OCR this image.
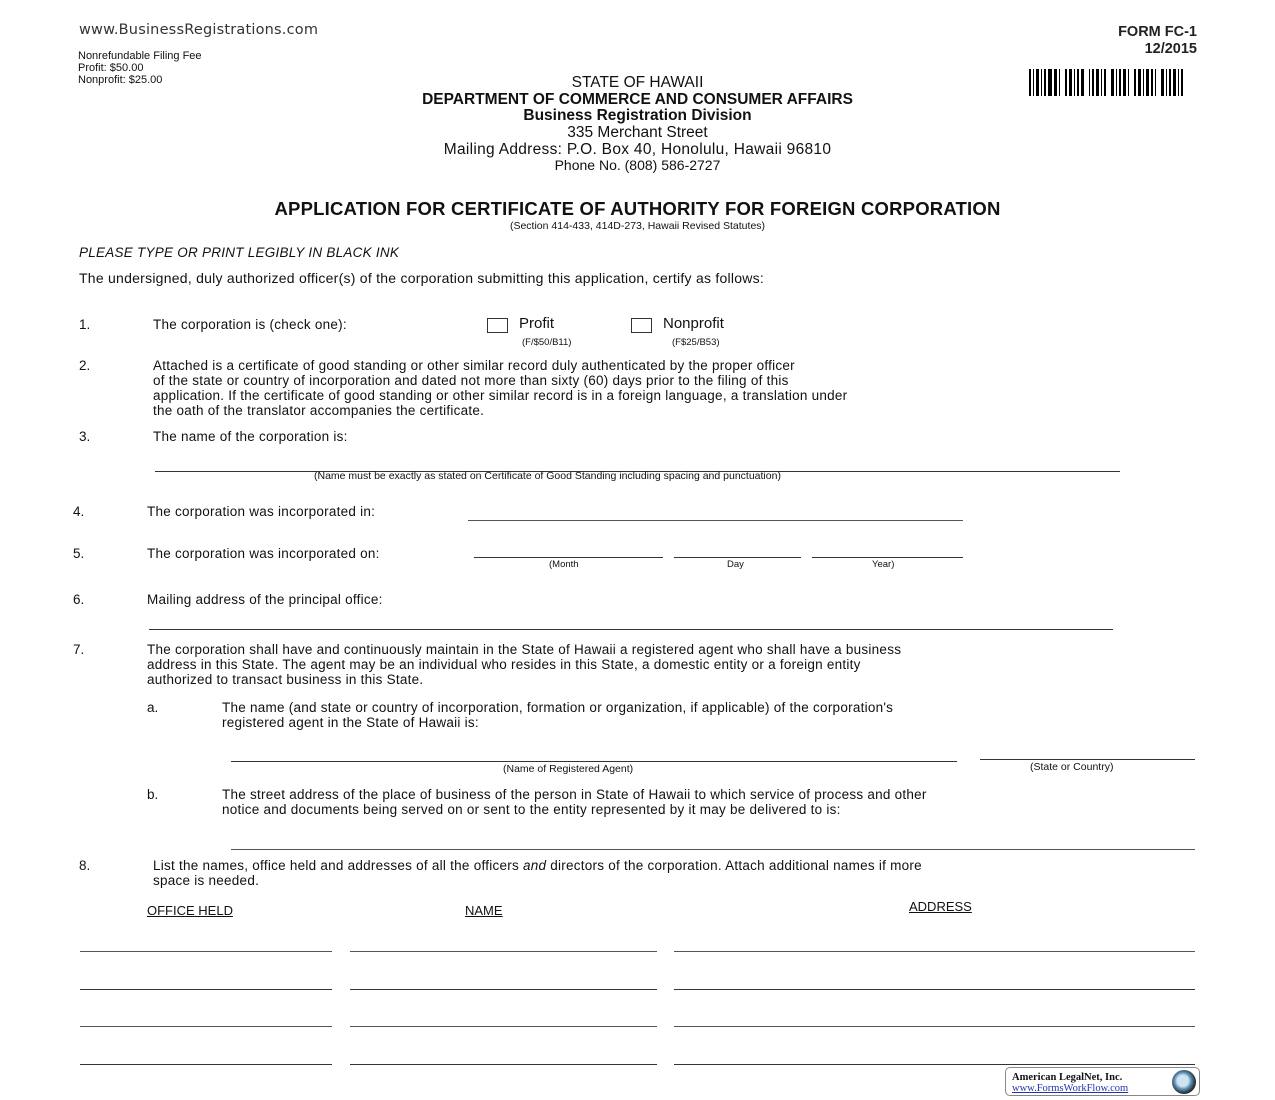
www.BusinessRegistrations.com
Nonrefundable Filing Fee
Profit: $50.00
Nonprofit: $25.00
FORM FC-1
12/2015
STATE OF HAWAII
DEPARTMENT OF COMMERCE AND CONSUMER AFFAIRS
Business Registration Division
335 Merchant Street
Mailing Address: P.O. Box 40, Honolulu, Hawaii 96810
Phone No. (808) 586-2727
APPLICATION FOR CERTIFICATE OF AUTHORITY FOR FOREIGN CORPORATION
(Section 414-433, 414D-273, Hawaii Revised Statutes)
PLEASE TYPE OR PRINT LEGIBLY IN BLACK INK
The undersigned, duly authorized officer(s) of the corporation submitting this application, certify as follows:
1.	The corporation is (check one):	Profit
(F/$50/B11)
Nonprofit
(F$25/B53)
2.	Attached is a certificate of good standing or other similar record duly authenticated by the proper officer
of the state or country of incorporation and dated not more than sixty (60) days prior to the filing of this
application. If the certificate of good standing or other similar record is in a foreign language, a translation under
the oath of the translator accompanies the certificate.
3.	The name of the corporation is:
(Name must be exactly as stated on Certificate of Good Standing including spacing and punctuation)
4.	The corporation was incorporated in:
5.	The corporation was incorporated on:
(Month	Day	Year)
6.	Mailing address of the principal office:
7.	The corporation shall have and continuously maintain in the State of Hawaii a registered agent who shall have a business
address in this State. The agent may be an individual who resides in this State, a domestic entity or a foreign entity
authorized to transact business in this State.
a.	The name (and state or country of incorporation, formation or organization, if applicable) of the corporation's
registered agent in the State of Hawaii is:
(Name of Registered Agent)	(State or Country)
b.	The street address of the place of business of the person in State of Hawaii to which service of process and other
notice and documents being served on or sent to the entity represented by it may be delivered to is:
8.	List the names, office held and addresses of all the officers and directors of the corporation. Attach additional names if more
space is needed.
OFFICE HELD	NAME	ADDRESS
American LegalNet, Inc.
www.FormsWorkFlow.com
